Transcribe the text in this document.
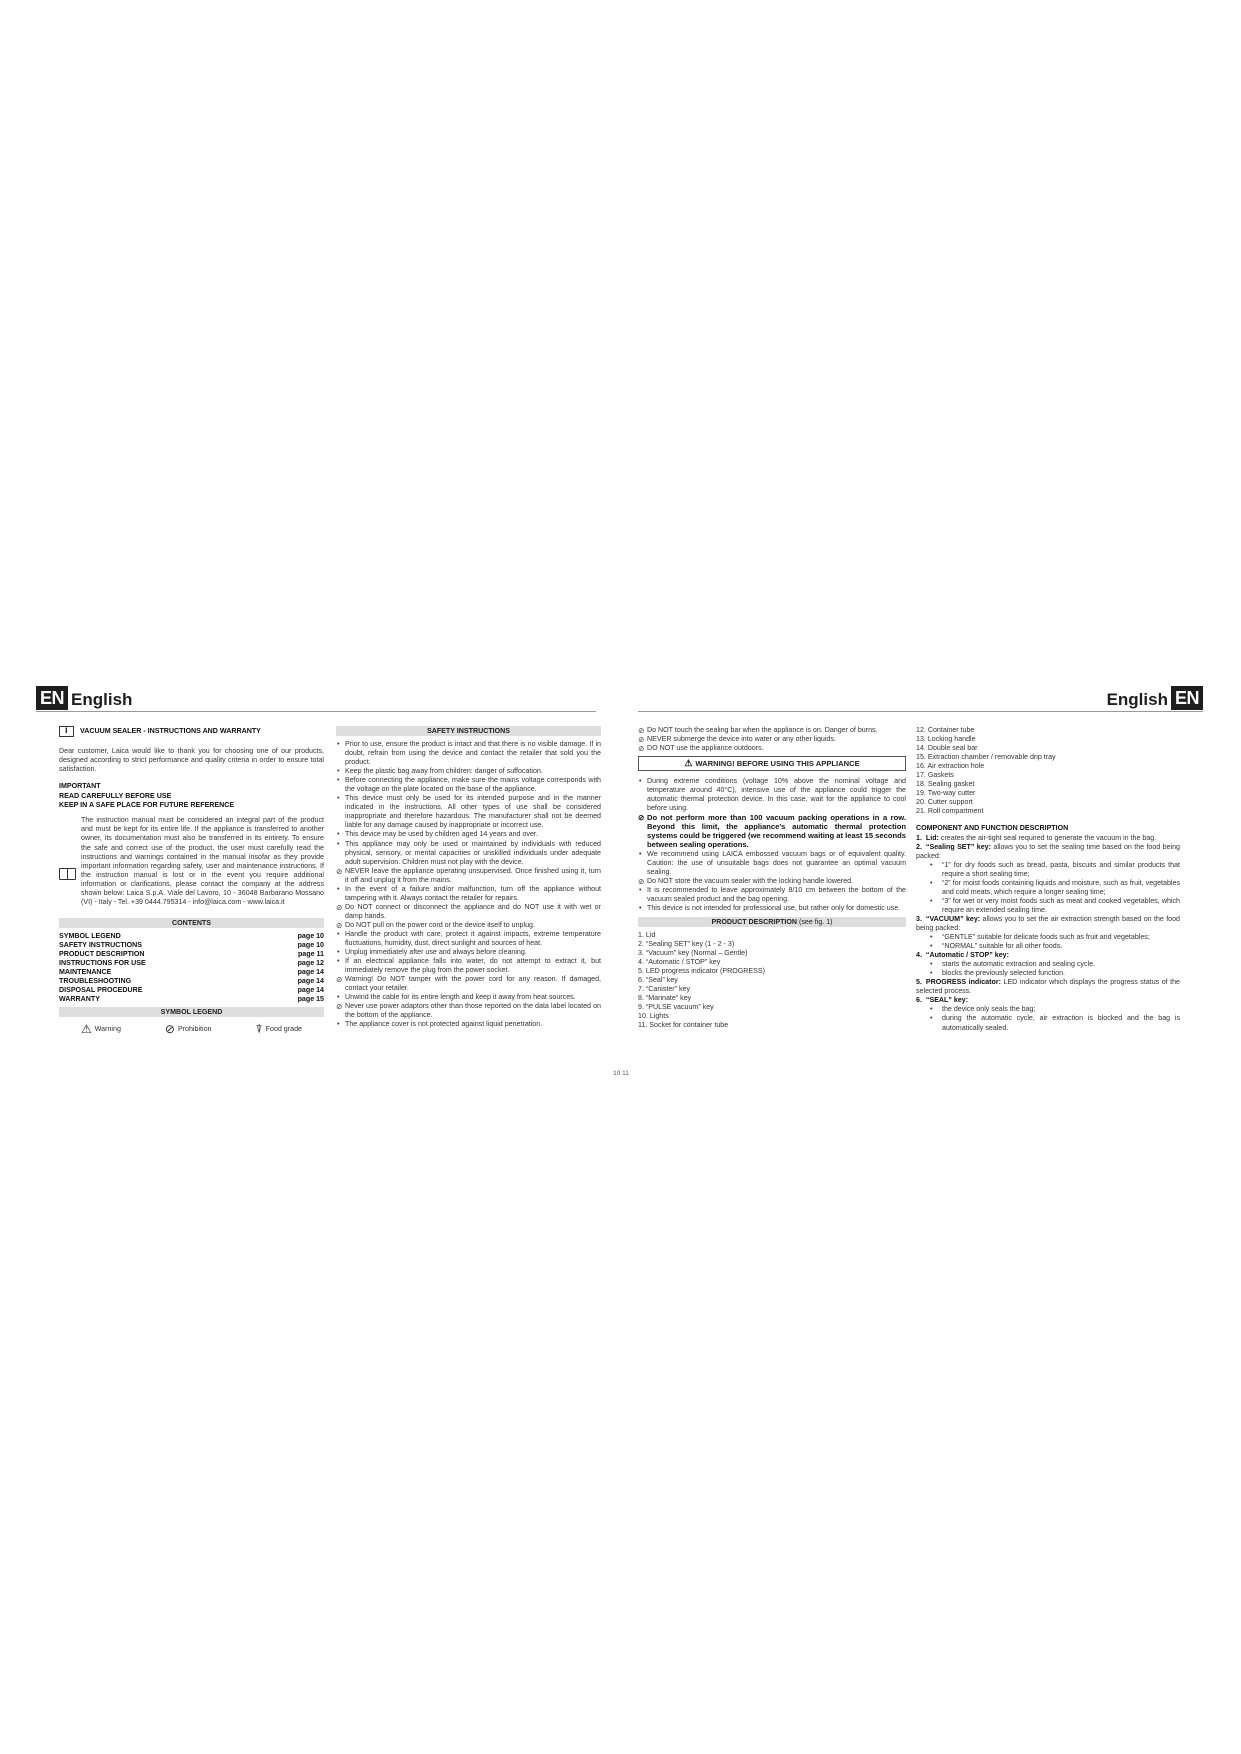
EN English	English EN
i
VACUUM SEALER - INSTRUCTIONS AND WARRANTY

Dear customer, Laica would like to thank you for choosing one of our products, designed according to strict performance and quality criteria in order to ensure total satisfaction.

IMPORTANT
READ CAREFULLY BEFORE USE
KEEP IN A SAFE PLACE FOR FUTURE REFERENCE

The instruction manual must be considered an integral part of the product and must be kept for its entire life. If the appliance is transferred to another owner, its documentation must also be transferred in its entirety. To ensure the safe and correct use of the product, the user must carefully read the instructions and warnings contained in the manual insofar as they provide important information regarding safety, user and maintenance instructions. If the instruction manual is lost or in the event you require additional information or clarifications, please contact the company at the address shown below: Laica S.p.A. Viale del Lavoro, 10 - 36048 Barbarano Mossano (VI) - Italy - Tel. +39 0444.795314 - info@laica.com - www.laica.it

CONTENTS
SYMBOL LEGEND	page 10
SAFETY INSTRUCTIONS	page 10
PRODUCT DESCRIPTION	page 11
INSTRUCTIONS FOR USE	page 12
MAINTENANCE	page 14
TROUBLESHOOTING	page 14
DISPOSAL PROCEDURE	page 14
WARRANTY	page 15
SYMBOL LEGEND
⚠ Warning	⊘ Prohibition	⍒ Food grade
SAFETY INSTRUCTIONS
• Prior to use, ensure the product is intact and that there is no visible damage. If in doubt, refrain from using the device and contact the retailer that sold you the product.
• Keep the plastic bag away from children: danger of suffocation.
• Before connecting the appliance, make sure the mains voltage corresponds with the voltage on the plate located on the base of the appliance.
• This device must only be used for its intended purpose and in the manner indicated in the instructions. All other types of use shall be considered inappropriate and therefore hazardous. The manufacturer shall not be deemed liable for any damage caused by inappropriate or incorrect use.
• This device may be used by children aged 14 years and over.
• This appliance may only be used or maintained by individuals with reduced physical, sensory, or mental capacities or unskilled individuals under adequate adult supervision. Children must not play with the device.
⊘ NEVER leave the appliance operating unsupervised. Once finished using it, turn it off and unplug it from the mains.
• In the event of a failure and/or malfunction, turn off the appliance without tampering with it. Always contact the retailer for repairs.
⊘ Do NOT connect or disconnect the appliance and do NOT use it with wet or damp hands.
⊘ Do NOT pull on the power cord or the device itself to unplug.
• Handle the product with care, protect it against impacts, extreme temperature fluctuations, humidity, dust, direct sunlight and sources of heat.
• Unplug immediately after use and always before cleaning.
• If an electrical appliance falls into water, do not attempt to extract it, but immediately remove the plug from the power socket.
⊘ Warning! Do NOT tamper with the power cord for any reason. If damaged, contact your retailer.
• Unwind the cable for its entire length and keep it away from heat sources.
⊘ Never use power adaptors other than those reported on the data label located on the bottom of the appliance.
• The appliance cover is not protected against liquid penetration.
⊘ Do NOT touch the sealing bar when the appliance is on. Danger of burns.
⊘ NEVER submerge the device into water or any other liquids.
⊘ DO NOT use the appliance outdoors.
⚠ WARNING! BEFORE USING THIS APPLIANCE
• During extreme conditions (voltage 10% above the nominal voltage and temperature around 40°C), intensive use of the appliance could trigger the automatic thermal protection device. In this case, wait for the appliance to cool before using.
⊘ Do not perform more than 100 vacuum packing operations in a row. Beyond this limit, the appliance's automatic thermal protection systems could be triggered (we recommend waiting at least 15 seconds between sealing operations.
• We recommend using LAICA embossed vacuum bags or of equivalent quality. Caution: the use of unsuitable bags does not guarantee an optimal vacuum sealing.
⊘ Do NOT store the vacuum sealer with the locking handle lowered.
• It is recommended to leave approximately 8/10 cm between the bottom of the vacuum sealed product and the bag opening.
• This device is not intended for professional use, but rather only for domestic use.
PRODUCT DESCRIPTION (see fig. 1)
1. Lid
2. “Sealing SET” key (1 - 2 - 3)
3. “Vacuum” key (Normal – Gentle)
4. “Automatic / STOP” key
5. LED progress indicator (PROGRESS)
6. “Seal” key
7. “Canister” key
8. “Marinate” key
9. “PULSE vacuum” key
10. Lights
11. Socket for container tube
12. Container tube
13. Locking handle
14. Double seal bar
15. Extraction chamber / removable drip tray
16. Air extraction hole
17. Gaskets
18. Sealing gasket
19. Two-way cutter
20. Cutter support
21. Roll compartment
COMPONENT AND FUNCTION DESCRIPTION
1. Lid: creates the air-tight seal required to generate the vacuum in the bag.
2. “Sealing SET” key: allows you to set the sealing time based on the food being packed:
• “1” for dry foods such as bread, pasta, biscuits and similar products that require a short sealing time;
• “2” for moist foods containing liquids and moisture, such as fruit, vegetables and cold meats, which require a longer sealing time;
• “3” for wet or very moist foods such as meat and cooked vegetables, which require an extended sealing time.
3. “VACUUM” key: allows you to set the air extraction strength based on the food being packed:
• “GENTLE” suitable for delicate foods such as fruit and vegetables;
• “NORMAL” suitable for all other foods.
4. “Automatic / STOP” key:
• starts the automatic extraction and sealing cycle.
• blocks the previously selected function.
5. PROGRESS indicator: LED indicator which displays the progress status of the selected process.
6. “SEAL” key:
• the device only seals the bag;
• during the automatic cycle, air extraction is blocked and the bag is automatically sealed.
10 11
